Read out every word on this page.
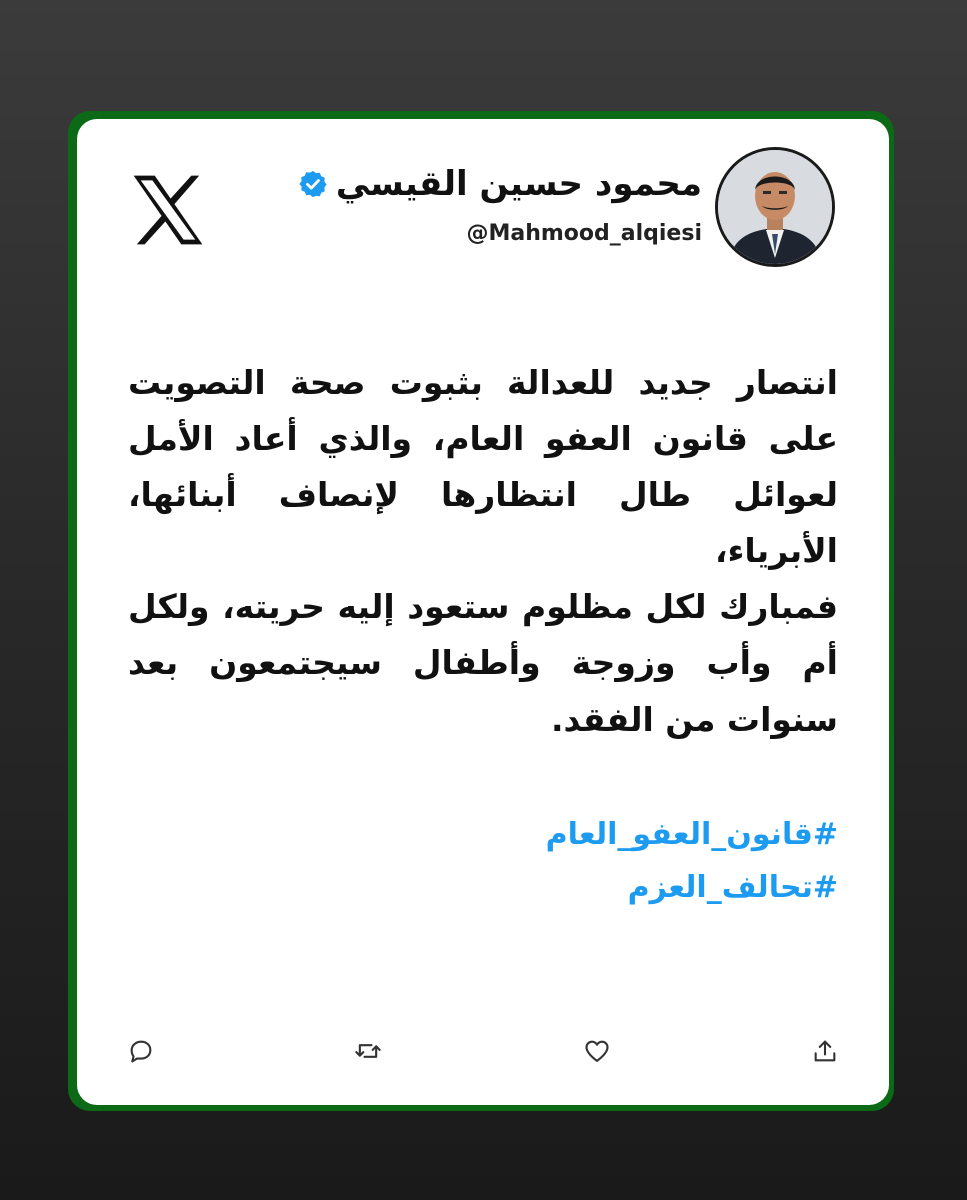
محمود حسين القيسي
@Mahmood_alqiesi

انتصار جديد للعدالة بثبوت صحة التصويت على قانون العفو العام، والذي أعاد الأمل لعوائل طال انتظارها لإنصاف أبنائها، الأبرياء،

فمبارك لكل مظلوم ستعود إليه حريته، ولكل أم وأب وزوجة وأطفال سيجتمعون بعد سنوات من الفقد.

#قانون_العفو_العام
#تحالف_العزم
